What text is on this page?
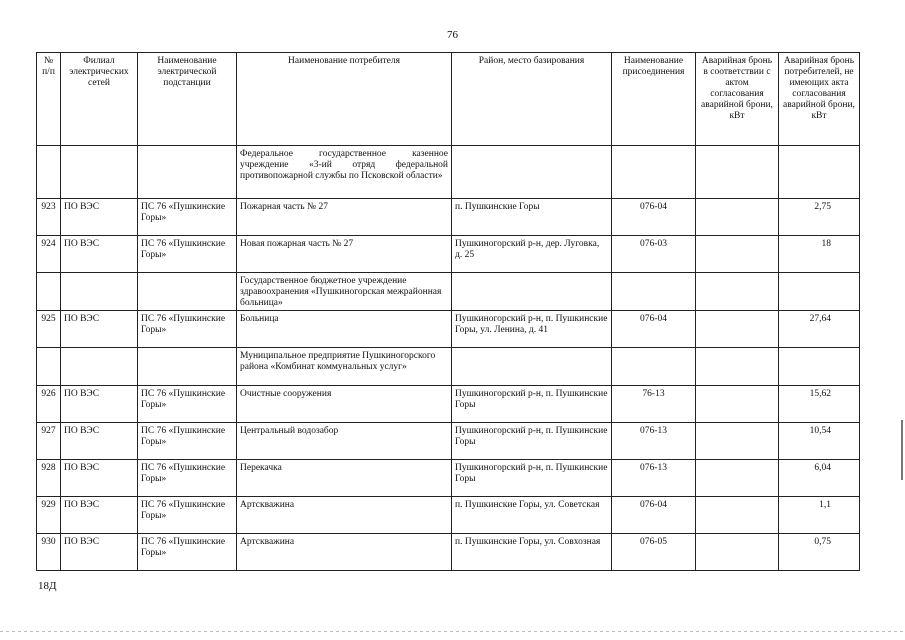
76
№ п/п	Филиал электрических сетей	Наименование электрической подстанции	Наименование потребителя	Район, место базирования	Наименование присоединения	Аварийная бронь в соответствии с актом согласования аварийной брони, кВт	Аварийная бронь потребителей, не имеющих акта согласования аварийной брони, кВт
			Федеральное государственное казенное учреждение «3-ий отряд федеральной противопожарной службы по Псковской области»				
923	ПО ВЭС	ПС 76 «Пушкинские Горы»	Пожарная часть № 27	п. Пушкинские Горы	076-04		2,75
924	ПО ВЭС	ПС 76 «Пушкинские Горы»	Новая пожарная часть № 27	Пушкиногорский р-н, дер. Луговка, д. 25	076-03		18
			Государственное бюджетное учреждение здравоохранения «Пушкиногорская межрайонная больница»				
925	ПО ВЭС	ПС 76 «Пушкинские Горы»	Больница	Пушкиногорский р-н, п. Пушкинские Горы, ул. Ленина, д. 41	076-04		27,64
			Муниципальное предприятие Пушкиногорского района «Комбинат коммунальных услуг»				
926	ПО ВЭС	ПС 76 «Пушкинские Горы»	Очистные сооружения	Пушкиногорский р-н, п. Пушкинские Горы	76-13		15,62
927	ПО ВЭС	ПС 76 «Пушкинские Горы»	Центральный водозабор	Пушкиногорский р-н, п. Пушкинские Горы	076-13		10,54
928	ПО ВЭС	ПС 76 «Пушкинские Горы»	Перекачка	Пушкиногорский р-н, п. Пушкинские Горы	076-13		6,04
929	ПО ВЭС	ПС 76 «Пушкинские Горы»	Артскважина	п. Пушкинские Горы, ул. Советская	076-04		1,1
930	ПО ВЭС	ПС 76 «Пушкинские Горы»	Артскважина	п. Пушкинские Горы, ул. Совхозная	076-05		0,75
18Д
